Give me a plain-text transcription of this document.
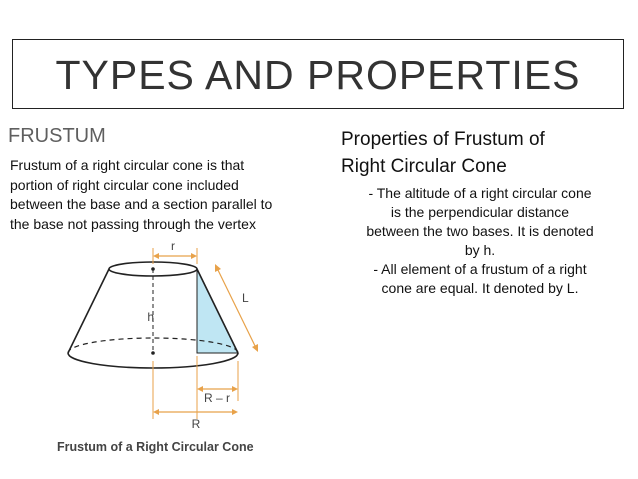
TYPES AND PROPERTIES
FRUSTUM
Frustum of a right circular cone is that
portion of right circular cone included
between the base and a section parallel to
the base not passing through the vertex
Properties of Frustum of
Right Circular Cone
- The altitude of a right circular cone
is the perpendicular distance
between the two bases. It is denoted
by h.
- All element of a frustum of a right
cone are equal. It denoted by L.
r
h
L
R – r
R
Frustum of a Right Circular Cone
